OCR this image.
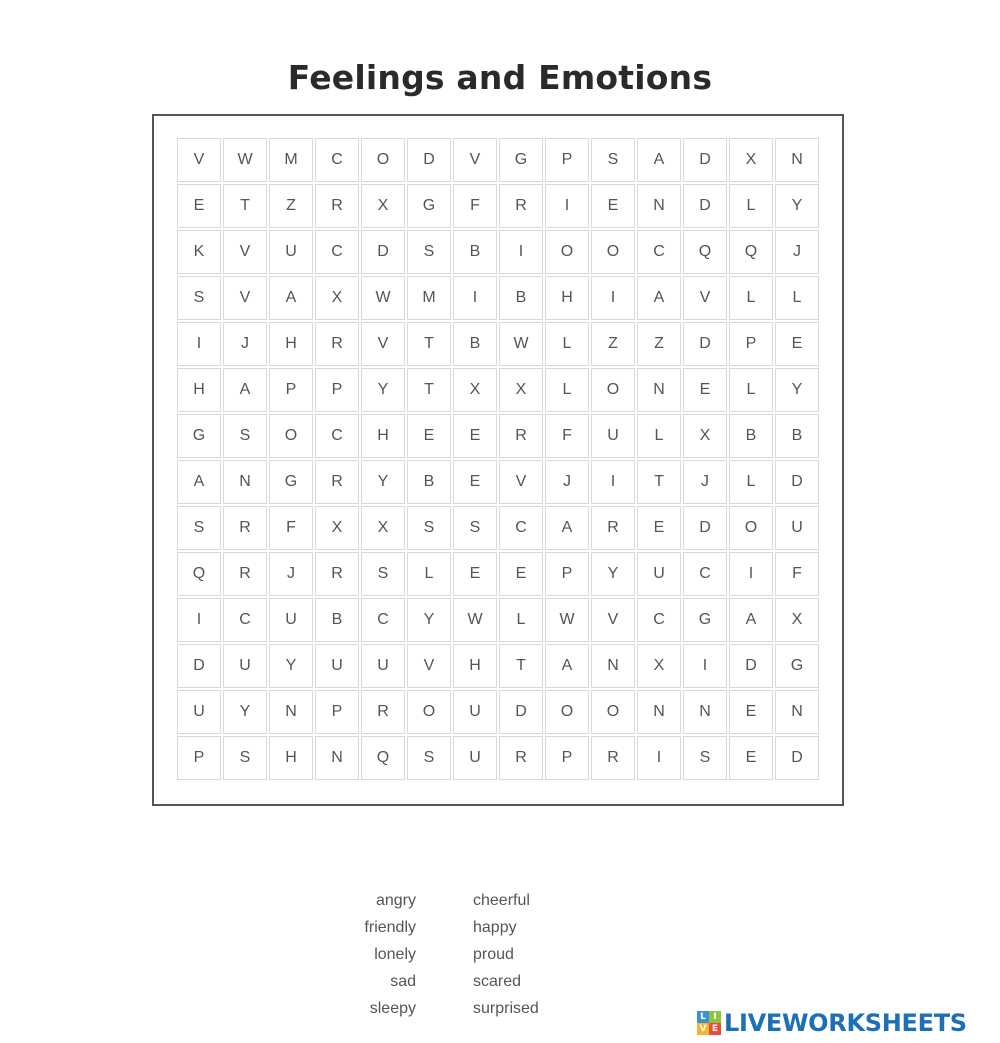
Feelings and Emotions
V	W	M	C	O	D	V	G	P	S	A	D	X	N
E	T	Z	R	X	G	F	R	I	E	N	D	L	Y
K	V	U	C	D	S	B	I	O	O	C	Q	Q	J
S	V	A	X	W	M	I	B	H	I	A	V	L	L
I	J	H	R	V	T	B	W	L	Z	Z	D	P	E
H	A	P	P	Y	T	X	X	L	O	N	E	L	Y
G	S	O	C	H	E	E	R	F	U	L	X	B	B
A	N	G	R	Y	B	E	V	J	I	T	J	L	D
S	R	F	X	X	S	S	C	A	R	E	D	O	U
Q	R	J	R	S	L	E	E	P	Y	U	C	I	F
I	C	U	B	C	Y	W	L	W	V	C	G	A	X
D	U	Y	U	U	V	H	T	A	N	X	I	D	G
U	Y	N	P	R	O	U	D	O	O	N	N	E	N
P	S	H	N	Q	S	U	R	P	R	I	S	E	D
angry
friendly
lonely
sad
sleepy
cheerful
happy
proud
scared
surprised	L I
V E LIVEWORKSHEETS
